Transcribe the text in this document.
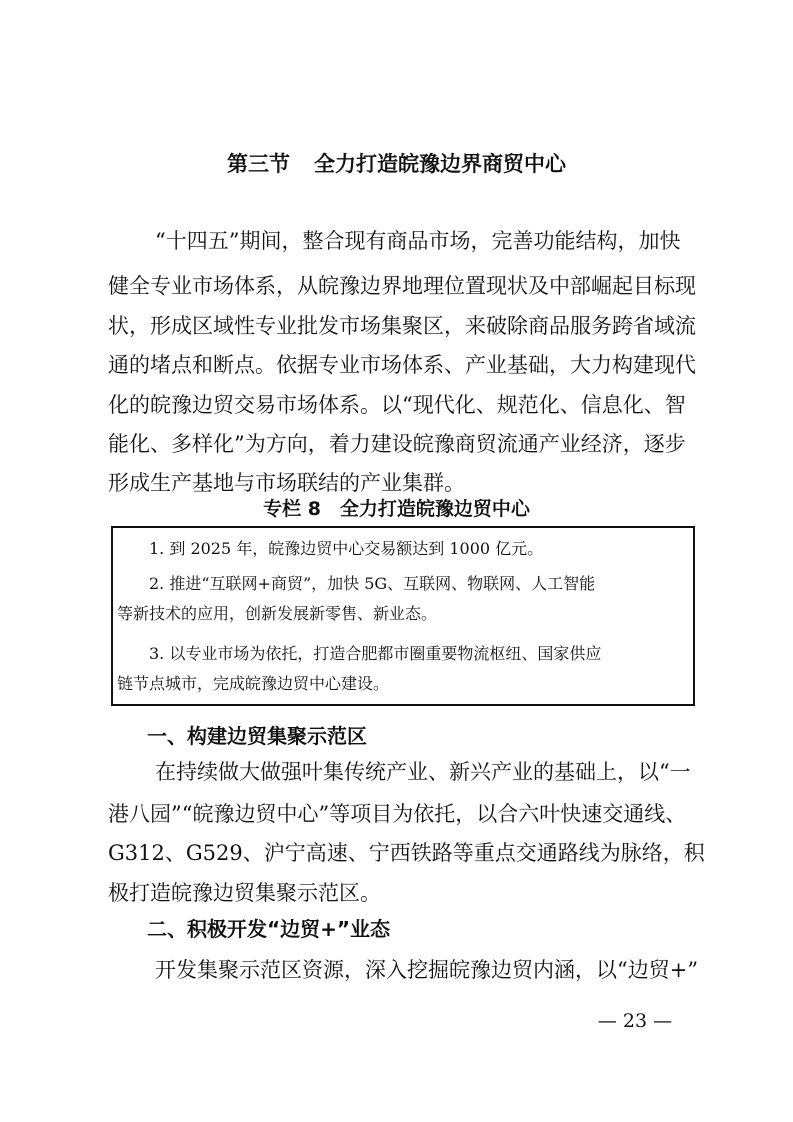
第三节 全力打造皖豫边界商贸中心
“十四五”期间，整合现有商品市场，完善功能结构，加快
健全专业市场体系，从皖豫边界地理位置现状及中部崛起目标现
状，形成区域性专业批发市场集聚区，来破除商品服务跨省域流
通的堵点和断点。依据专业市场体系、产业基础，大力构建现代
化的皖豫边贸交易市场体系。以“现代化、规范化、信息化、智
能化、多样化”为方向，着力建设皖豫商贸流通产业经济，逐步
形成生产基地与市场联结的产业集群。
专栏 8　全力打造皖豫边贸中心
1. 到 2025 年，皖豫边贸中心交易额达到 1000 亿元。
2. 推进“互联网+商贸”，加快 5G、互联网、物联网、人工智能
等新技术的应用，创新发展新零售、新业态。
3. 以专业市场为依托，打造合肥都市圈重要物流枢纽、国家供应
链节点城市，完成皖豫边贸中心建设。
一、构建边贸集聚示范区
在持续做大做强叶集传统产业、新兴产业的基础上，以“一
港八园”“皖豫边贸中心”等项目为依托，以合六叶快速交通线、
G312、G529、沪宁高速、宁西铁路等重点交通路线为脉络，积
极打造皖豫边贸集聚示范区。
二、积极开发“边贸+”业态
开发集聚示范区资源，深入挖掘皖豫边贸内涵，以“边贸+”
— 23 —
